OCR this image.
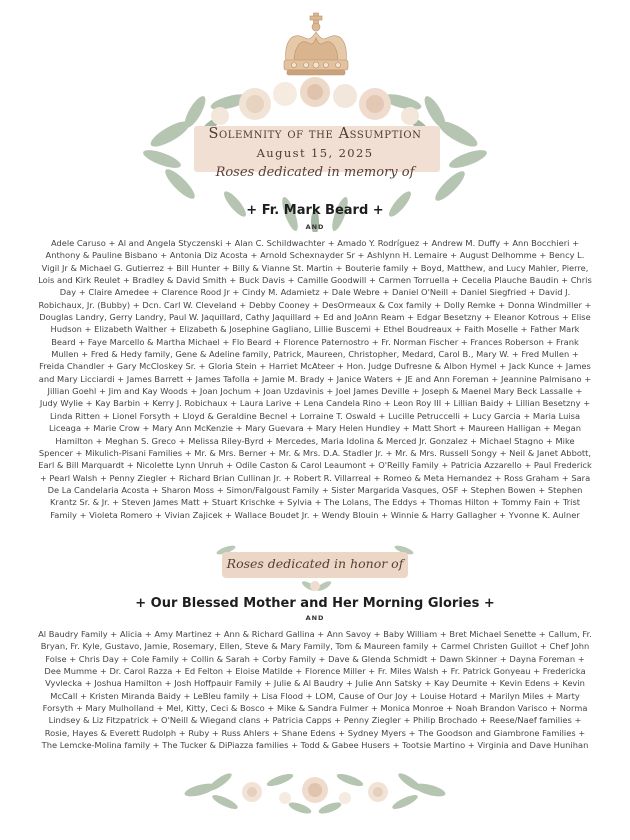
Solemnity of the Assumption
August 15, 2025
Roses dedicated in memory of
+ Fr. Mark Beard +
AND
Adele Caruso + Al and Angela Styczenski + Alan C. Schildwachter + Amado Y. Rodríguez + Andrew M. Duffy + Ann Bocchieri + Anthony & Pauline Bisbano + Antonia Diz Acosta + Arnold Schexnayder Sr + Ashlynn H. Lemaire + August Delhomme + Bency L. Vigil Jr & Michael G. Gutierrez + Bill Hunter + Billy & Vianne St. Martin + Bouterie family + Boyd, Matthew, and Lucy Mahler, Pierre, Lois and Kirk Reulet + Bradley & David Smith + Buck Davis + Camille Goodwill + Carmen Torruella + Cecelia Plauche Baudin + Chris Day + Claire Amedee + Clarence Rood Jr + Cindy M. Adamietz + Dale Webre + Daniel O'Neill + Daniel Siegfried + David J. Robichaux, Jr. (Bubby) + Dcn. Carl W. Cleveland + Debby Cooney + DesOrmeaux & Cox family + Dolly Remke + Donna Windmiller + Douglas Landry, Gerry Landry, Paul W. Jaquillard, Cathy Jaquillard + Ed and JoAnn Ream + Edgar Besetzny + Eleanor Kotrous + Elise Hudson + Elizabeth Walther + Elizabeth & Josephine Gagliano, Lillie Buscemi + Ethel Boudreaux + Faith Moselle + Father Mark Beard + Faye Marcello & Martha Michael + Flo Beard + Florence Paternostro + Fr. Norman Fischer + Frances Roberson + Frank Mullen + Fred & Hedy family, Gene & Adeline family, Patrick, Maureen, Christopher, Medard, Carol B., Mary W. + Fred Mullen + Freida Chandler + Gary McCloskey Sr. + Gloria Stein + Harriet McAteer + Hon. Judge Dufresne & Albon Hymel + Jack Kunce + James and Mary Licciardi + James Barrett + James Tafolla + Jamie M. Brady + Janice Waters + JE and Ann Foreman + Jeannine Palmisano + Jillian Goehl + Jim and Kay Woods + Joan Jochum + Joan Uzdavinis + Joel James Deville + Joseph & Maenel Mary Beck Lassalle + Judy Wylie + Kay Barbin + Kerry J. Robichaux + Laura Larive + Lena Candela Rino + Leon Roy III + Lillian Baidy + Lillian Besetzny + Linda Ritten + Lionel Forsyth + Lloyd & Geraldine Becnel + Lorraine T. Oswald + Lucille Petruccelli + Lucy Garcia + Maria Luisa Liceaga + Marie Crow + Mary Ann McKenzie + Mary Guevara + Mary Helen Hundley + Matt Short + Maureen Halligan + Megan Hamilton + Meghan S. Greco + Melissa Riley-Byrd + Mercedes, Maria Idolina & Merced Jr. Gonzalez + Michael Stagno + Mike Spencer + Mikulich-Pisani Families + Mr. & Mrs. Berner + Mr. & Mrs. D.A. Stadler Jr. + Mr. & Mrs. Russell Songy + Neil & Janet Abbott, Earl & Bill Marquardt + Nicolette Lynn Unruh + Odile Caston & Carol Leaumont + O'Reilly Family + Patricia Azzarello + Paul Frederick + Pearl Walsh + Penny Ziegler + Richard Brian Cullinan Jr. + Robert R. Villarreal + Romeo & Meta Hernandez + Ross Graham + Sara De La Candelaria Acosta + Sharon Moss + Simon/Falgoust Family + Sister Margarida Vasques, OSF + Stephen Bowen + Stephen Krantz Sr. & Jr. + Steven James Matt + Stuart Krischke + Sylvia + The Lolans, The Eddys + Thomas Hilton + Tommy Fain + Trist Family + Violeta Romero + Vivian Zajicek + Wallace Boudet Jr. + Wendy Blouin + Winnie & Harry Gallagher + Yvonne K. Aulner
Roses dedicated in honor of
+ Our Blessed Mother and Her Morning Glories +
AND
Al Baudry Family + Alicia + Amy Martinez + Ann & Richard Gallina + Ann Savoy + Baby William + Bret Michael Senette + Callum, Fr. Bryan, Fr. Kyle, Gustavo, Jamie, Rosemary, Ellen, Steve & Mary Family, Tom & Maureen family + Carmel Christen Guillot + Chef John Folse + Chris Day + Cole Family + Collin & Sarah + Corby Family + Dave & Glenda Schmidt + Dawn Skinner + Dayna Foreman + Dee Mumme + Dr. Carol Razza + Ed Felton + Eloise Matilde + Florence Miller + Fr. Miles Walsh + Fr. Patrick Gonyeau + Fredericka Vyvlecka + Joshua Hamilton + Josh Hoffpauir Family + Julie & Al Baudry + Julie Ann Satsky + Kay Deumite + Kevin Edens + Kevin McCall + Kristen Miranda Baidy + LeBleu family + Lisa Flood + LOM, Cause of Our Joy + Louise Hotard + Marilyn Miles + Marty Forsyth + Mary Mulholland + Mel, Kitty, Ceci & Bosco + Mike & Sandra Fulmer + Monica Monroe + Noah Brandon Varisco + Norma Lindsey & Liz Fitzpatrick + O'Neill & Wiegand clans + Patricia Capps + Penny Ziegler + Philip Brochado + Reese/Naef families + Rosie, Hayes & Everett Rudolph + Ruby + Russ Ahlers + Shane Edens + Sydney Myers + The Goodson and Giambrone Families + The Lemcke-Molina family + The Tucker & DiPiazza families + Todd & Gabee Husers + Tootsie Martino + Virginia and Dave Hunihan
